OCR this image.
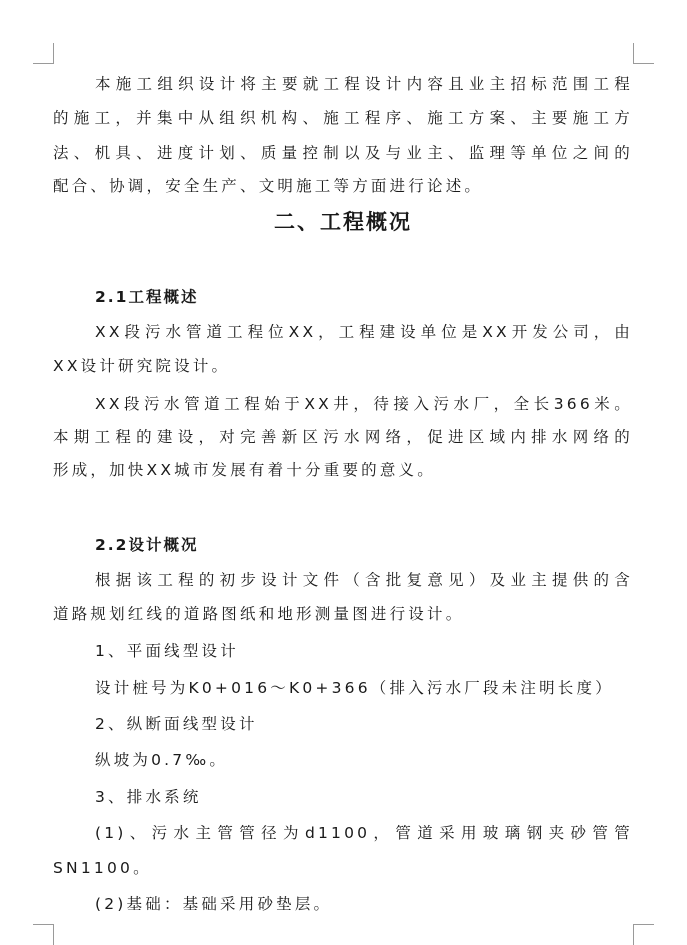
本施工组织设计将主要就工程设计内容且业主招标范围工程
的施工，并集中从组织机构、施工程序、施工方案、主要施工方
法、机具、进度计划、质量控制以及与业主、监理等单位之间的
配合、协调，安全生产、文明施工等方面进行论述。
二、工程概况
2.1工程概述
XX段污水管道工程位XX，工程建设单位是XX开发公司，由
XX设计研究院设计。
XX段污水管道工程始于XX井，待接入污水厂，全长366米。
本期工程的建设，对完善新区污水网络，促进区域内排水网络的
形成，加快XX城市发展有着十分重要的意义。
2.2设计概况
根据该工程的初步设计文件（含批复意见）及业主提供的含
道路规划红线的道路图纸和地形测量图进行设计。
1、平面线型设计
设计桩号为K0+016～K0+366（排入污水厂段未注明长度）
2、纵断面线型设计
纵坡为0.7‰。
3、排水系统
(1)、污水主管管径为d1100，管道采用玻璃钢夹砂管管
SN1100。
(2)基础：基础采用砂垫层。
